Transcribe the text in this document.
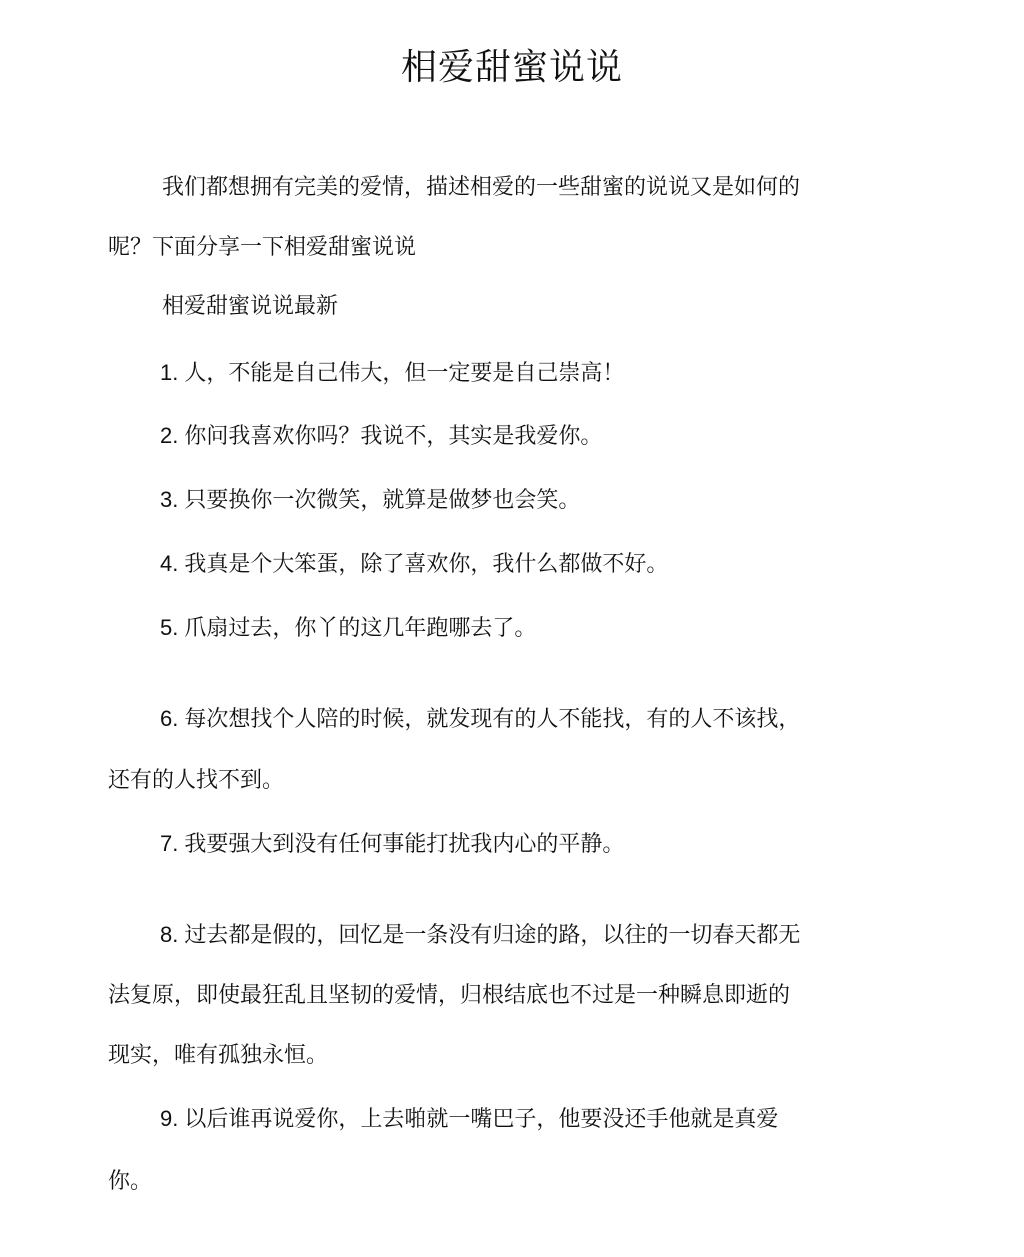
相爱甜蜜说说

我们都想拥有完美的爱情，描述相爱的一些甜蜜的说说又是如何的

呢？下面分享一下相爱甜蜜说说

相爱甜蜜说说最新

1. 人，不能是自己伟大，但一定要是自己崇高！

2. 你问我喜欢你吗？我说不，其实是我爱你。

3. 只要换你一次微笑，就算是做梦也会笑。

4. 我真是个大笨蛋，除了喜欢你，我什么都做不好。

5. 爪扇过去，你丫的这几年跑哪去了。

6. 每次想找个人陪的时候，就发现有的人不能找，有的人不该找，

还有的人找不到。

7. 我要强大到没有任何事能打扰我内心的平静。

8. 过去都是假的，回忆是一条没有归途的路，以往的一切春天都无

法复原，即使最狂乱且坚韧的爱情，归根结底也不过是一种瞬息即逝的

现实，唯有孤独永恒。

9. 以后谁再说爱你，上去啪就一嘴巴子，他要没还手他就是真爱

你。
